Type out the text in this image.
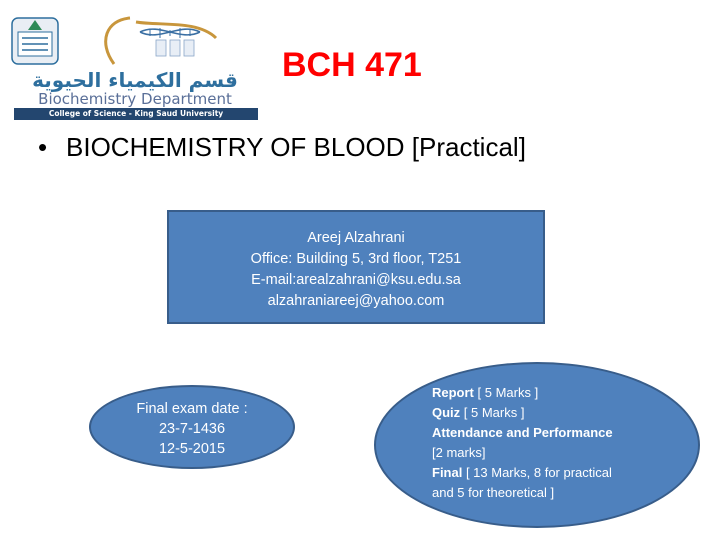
قسم الكيمياء الحيوية
Biochemistry Department
College of Science - King Saud University
BCH 471
• BIOCHEMISTRY OF BLOOD [Practical]
Areej Alzahrani
Office: Building 5, 3rd floor, T251
E-mail:arealzahrani@ksu.edu.sa
alzahraniareej@yahoo.com
Final exam date :
23-7-1436
12-5-2015
Report [ 5 Marks ]
Quiz [ 5 Marks ]
Attendance and Performance
[2 marks]
Final [ 13 Marks, 8 for practical
and 5 for theoretical ]
